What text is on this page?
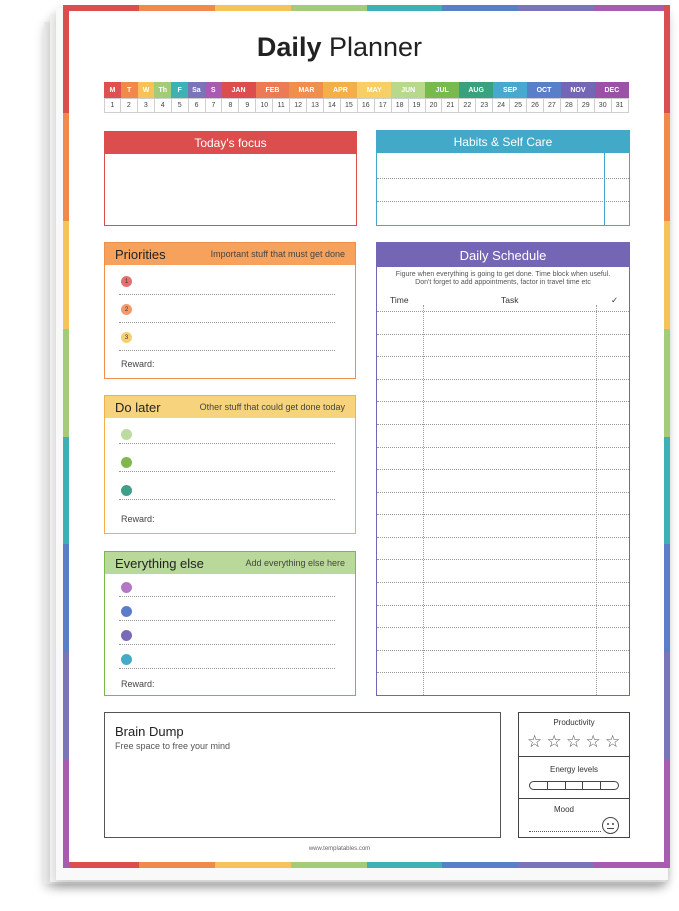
Daily Planner
M	T	W	Th	F	Sa	S	JAN	FEB	MAR	APR	MAY	JUN	JUL	AUG	SEP	OCT	NOV	DEC
1	2	3	4	5	6	7	8	9	10	11	12	13	14	15	16	17	18	19	20	21	22	23	24	25	26	27	28	29	30	31
Today's focus	Habits & Self Care
Priorities	Important stuff that must get done
1
2
3
Reward:
Do later	Other stuff that could get done today
Reward:
Everything else	Add everything else here
Reward:
Daily Schedule
Figure when everything is going to get done. Time block when useful.
Don't forget to add appointments, factor in travel time etc
Time	Task	✓
Brain Dump
Free space to free your mind
Productivity
☆ ☆ ☆ ☆ ☆
Energy levels
Mood
www.templatables.com
